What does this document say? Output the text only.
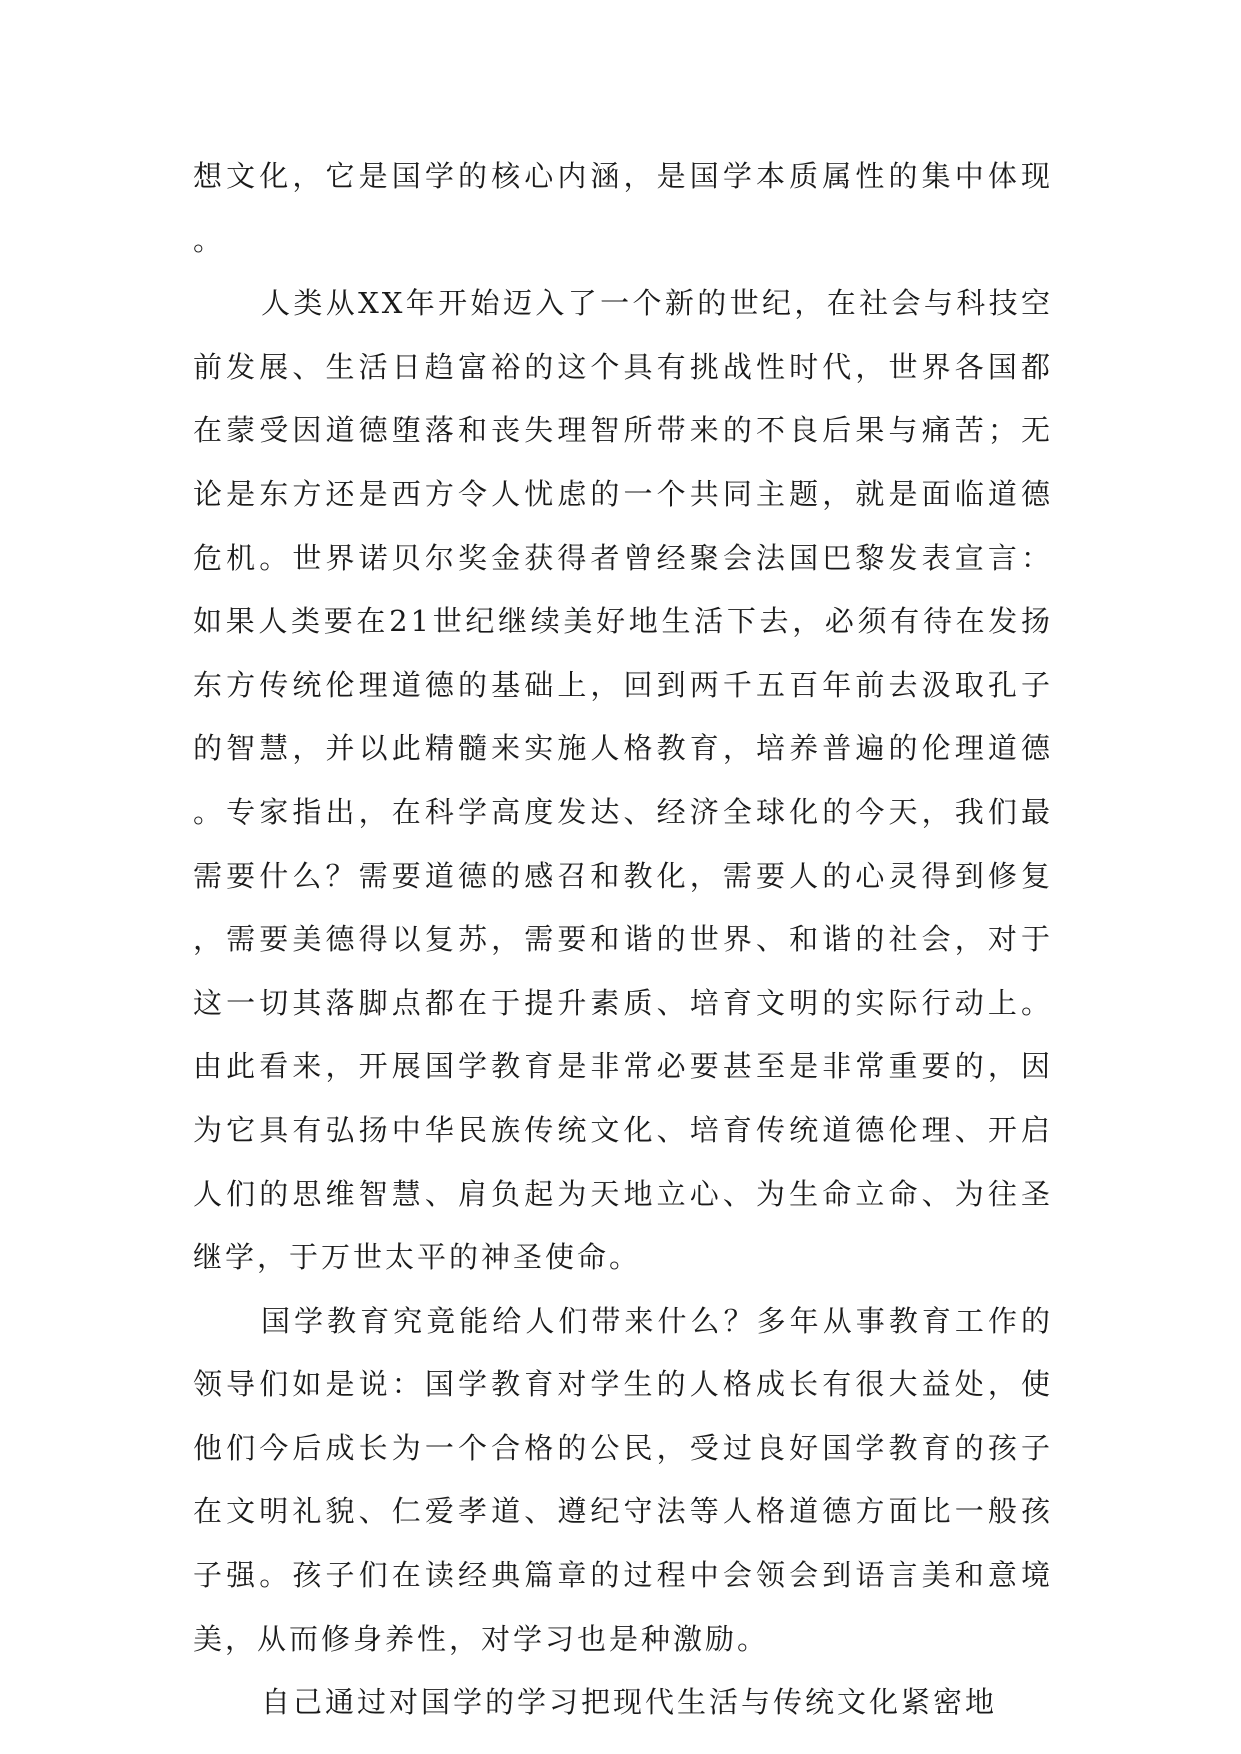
想文化，它是国学的核心内涵，是国学本质属性的集中体现。

人类从XX年开始迈入了一个新的世纪，在社会与科技空前发展、生活日趋富裕的这个具有挑战性时代，世界各国都在蒙受因道德堕落和丧失理智所带来的不良后果与痛苦；无论是东方还是西方令人忧虑的一个共同主题，就是面临道德危机。世界诺贝尔奖金获得者曾经聚会法国巴黎发表宣言：如果人类要在21世纪继续美好地生活下去，必须有待在发扬东方传统伦理道德的基础上，回到两千五百年前去汲取孔子的智慧，并以此精髓来实施人格教育，培养普遍的伦理道德。专家指出，在科学高度发达、经济全球化的今天，我们最需要什么？需要道德的感召和教化，需要人的心灵得到修复，需要美德得以复苏，需要和谐的世界、和谐的社会，对于这一切其落脚点都在于提升素质、培育文明的实际行动上。由此看来，开展国学教育是非常必要甚至是非常重要的，因为它具有弘扬中华民族传统文化、培育传统道德伦理、开启人们的思维智慧、肩负起为天地立心、为生命立命、为往圣继学，于万世太平的神圣使命。

国学教育究竟能给人们带来什么？多年从事教育工作的领导们如是说：国学教育对学生的人格成长有很大益处，使他们今后成长为一个合格的公民，受过良好国学教育的孩子在文明礼貌、仁爱孝道、遵纪守法等人格道德方面比一般孩子强。孩子们在读经典篇章的过程中会领会到语言美和意境美，从而修身养性，对学习也是种激励。

自己通过对国学的学习把现代生活与传统文化紧密地
